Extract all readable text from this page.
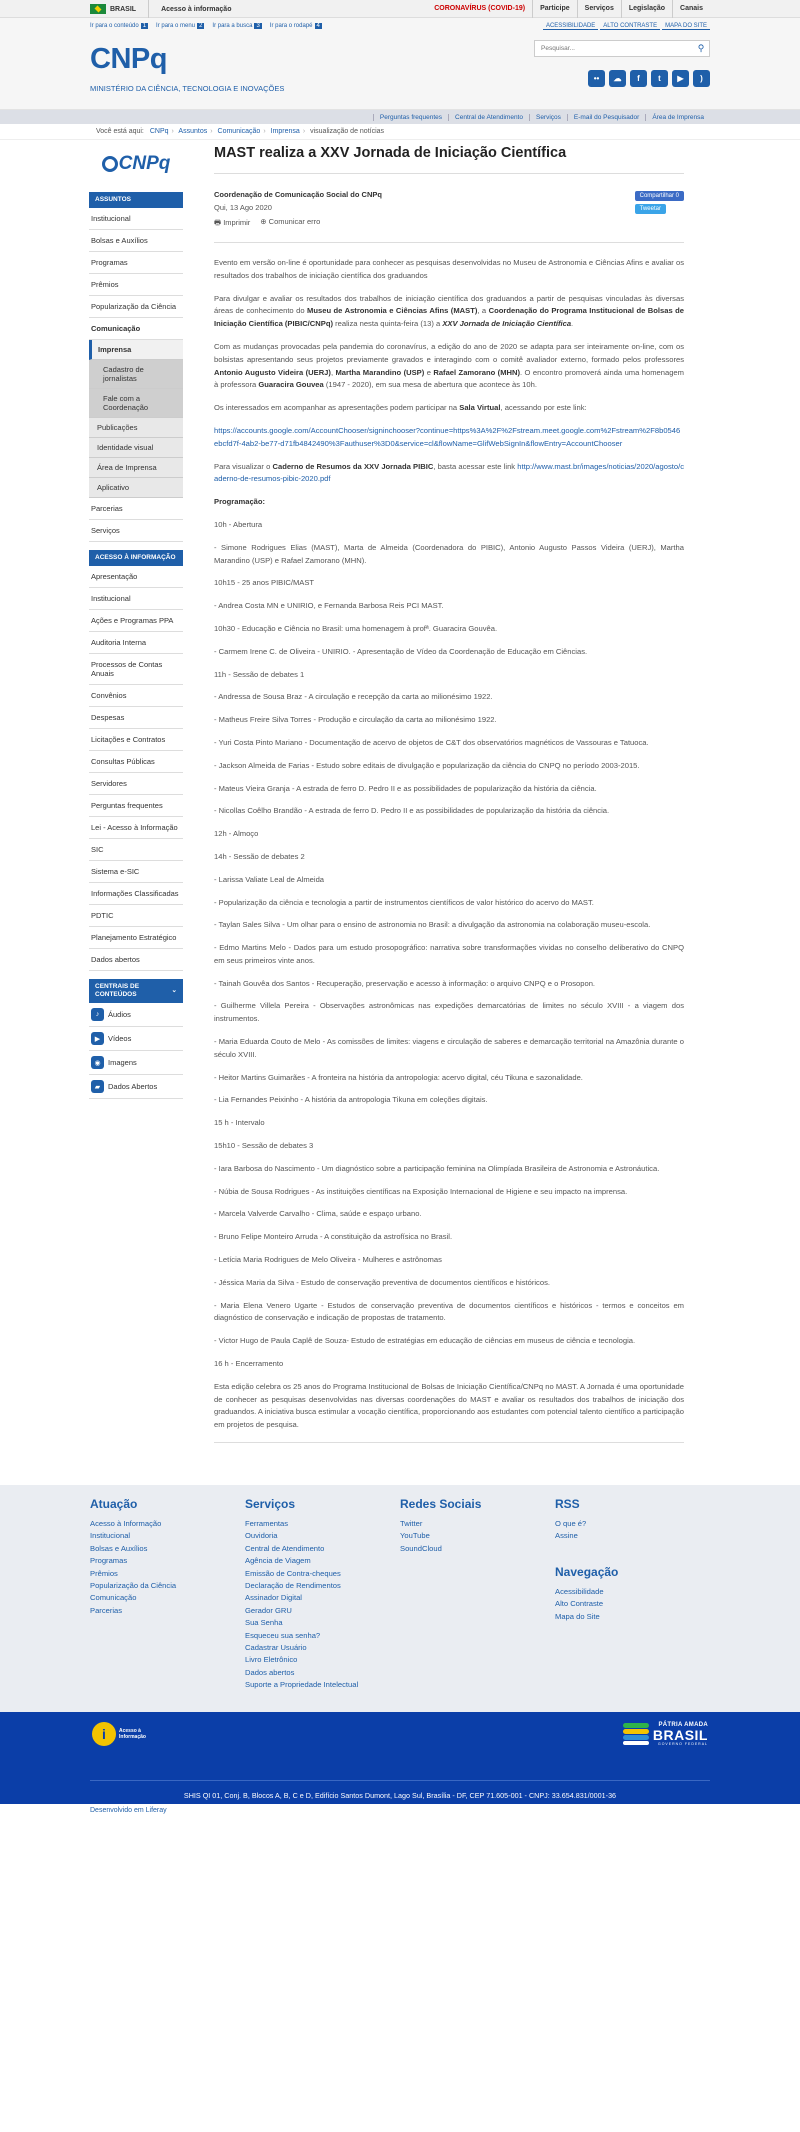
BRASIL	Acesso à informação	CORONAVÍRUS (COVID-19)	Participe	Serviços	Legislação	Canais
Ir para o conteúdo 1	Ir para o menu 2	Ir para a busca 3	Ir para o rodapé 4	ACESSIBILIDADE	ALTO CONTRASTE	MAPA DO SITE
CNPq
MINISTÉRIO DA CIÊNCIA, TECNOLOGIA E INOVAÇÕES
Pesquisar...
⚲
••	☁	f	t	▶	)
Perguntas frequentes	Central de Atendimento	Serviços	E-mail do Pesquisador	Área de Imprensa
Você está aqui: CNPq › Assuntos › Comunicação › Imprensa › visualização de notícias
CNPq
ASSUNTOS
Institucional
Bolsas e Auxílios
Programas
Prêmios
Popularização da Ciência
Comunicação
Imprensa
Cadastro de jornalistas
Fale com a Coordenação
Publicações
Identidade visual
Área de Imprensa
Aplicativo
Parcerias
Serviços
ACESSO À INFORMAÇÃO
Apresentação
Institucional
Ações e Programas PPA
Auditoria Interna
Processos de Contas Anuais
Convênios
Despesas
Licitações e Contratos
Consultas Públicas
Servidores
Perguntas frequentes
Lei - Acesso à Informação
SIC
Sistema e-SIC
Informações Classificadas
PDTIC
Planejamento Estratégico
Dados abertos
CENTRAIS DE CONTEÚDOS
⌄
♪	Áudios
▶	Vídeos
◉ Imagens
▰	Dados Abertos
MAST realiza a XXV Jornada de Iniciação Científica
Coordenação de Comunicação Social do CNPq
Qui, 13 Ago 2020
🖶 Imprimir ⊕ Comunicar erro
Compartilhar 0
Tweetar

Evento em versão on-line é oportunidade para conhecer as pesquisas desenvolvidas no Museu de Astronomia e Ciências Afins e avaliar os resultados dos trabalhos de iniciação científica dos graduandos

Para divulgar e avaliar os resultados dos trabalhos de iniciação científica dos graduandos a partir de pesquisas vinculadas às diversas áreas de conhecimento do Museu de Astronomia e Ciências Afins (MAST), a Coordenação do Programa Institucional de Bolsas de Iniciação Científica (PIBIC/CNPq) realiza nesta quinta-feira (13) a XXV Jornada de Iniciação Científica.

Com as mudanças provocadas pela pandemia do coronavírus, a edição do ano de 2020 se adapta para ser inteiramente on-line, com os bolsistas apresentando seus projetos previamente gravados e interagindo com o comitê avaliador externo, formado pelos professores Antonio Augusto Videira (UERJ), Martha Marandino (USP) e Rafael Zamorano (MHN). O encontro promoverá ainda uma homenagem à professora Guaracira Gouvea (1947 - 2020), em sua mesa de abertura que acontece às 10h.

Os interessados em acompanhar as apresentações podem participar na Sala Virtual, acessando por este link:

https://accounts.google.com/AccountChooser/signinchooser?continue=https%3A%2F%2Fstream.meet.google.com%2Fstream%2F8b0546ebcfd7f-4ab2-be77-d71fb4842490%3Fauthuser%3D0&service=cl&flowName=GlifWebSignIn&flowEntry=AccountChooser

Para visualizar o Caderno de Resumos da XXV Jornada PIBIC, basta acessar este link http://www.mast.br/images/noticias/2020/agosto/caderno-de-resumos-pibic-2020.pdf

Programação:

10h - Abertura

- Simone Rodrigues Elias (MAST), Marta de Almeida (Coordenadora do PIBIC), Antonio Augusto Passos Videira (UERJ), Martha Marandino (USP) e Rafael Zamorano (MHN).

10h15 - 25 anos PIBIC/MAST

- Andrea Costa MN e UNIRIO, e Fernanda Barbosa Reis PCI MAST.

10h30 - Educação e Ciência no Brasil: uma homenagem à profª. Guaracira Gouvêa.

- Carmem Irene C. de Oliveira - UNIRIO. - Apresentação de Vídeo da Coordenação de Educação em Ciências.

11h - Sessão de debates 1

- Andressa de Sousa Braz - A circulação e recepção da carta ao milionésimo 1922.

- Matheus Freire Silva Torres - Produção e circulação da carta ao milionésimo 1922.

- Yuri Costa Pinto Mariano - Documentação de acervo de objetos de C&T dos observatórios magnéticos de Vassouras e Tatuoca.

- Jackson Almeida de Farias - Estudo sobre editais de divulgação e popularização da ciência do CNPQ no período 2003-2015.

- Mateus Vieira Granja - A estrada de ferro D. Pedro II e as possibilidades de popularização da história da ciência.

- Nicollas Coêlho Brandão - A estrada de ferro D. Pedro II e as possibilidades de popularização da história da ciência.

12h - Almoço

14h - Sessão de debates 2

- Larissa Valiate Leal de Almeida

- Popularização da ciência e tecnologia a partir de instrumentos científicos de valor histórico do acervo do MAST.

- Taylan Sales Silva - Um olhar para o ensino de astronomia no Brasil: a divulgação da astronomia na colaboração museu-escola.

- Edmo Martins Melo - Dados para um estudo prosopográfico: narrativa sobre transformações vividas no conselho deliberativo do CNPQ em seus primeiros vinte anos.

- Tainah Gouvêa dos Santos - Recuperação, preservação e acesso à informação: o arquivo CNPQ e o Prosopon.

- Guilherme Villela Pereira - Observações astronômicas nas expedições demarcatórias de limites no século XVIII - a viagem dos instrumentos.

- Maria Eduarda Couto de Melo - As comissões de limites: viagens e circulação de saberes e demarcação territorial na Amazônia durante o século XVIII.

- Heitor Martins Guimarães - A fronteira na história da antropologia: acervo digital, céu Tikuna e sazonalidade.

- Lia Fernandes Peixinho - A história da antropologia Tikuna em coleções digitais.

15 h - Intervalo

15h10 - Sessão de debates 3

- Iara Barbosa do Nascimento - Um diagnóstico sobre a participação feminina na Olimpíada Brasileira de Astronomia e Astronáutica.

- Núbia de Sousa Rodrigues - As instituições científicas na Exposição Internacional de Higiene e seu impacto na imprensa.

- Marcela Valverde Carvalho - Clima, saúde e espaço urbano.

- Bruno Felipe Monteiro Arruda - A constituição da astrofísica no Brasil.

- Letícia Maria Rodrigues de Melo Oliveira - Mulheres e astrônomas

- Jéssica Maria da Silva - Estudo de conservação preventiva de documentos científicos e históricos.

- Maria Elena Venero Ugarte - Estudos de conservação preventiva de documentos científicos e históricos - termos e conceitos em diagnóstico de conservação e indicação de propostas de tratamento.

- Victor Hugo de Paula Caplê de Souza- Estudo de estratégias em educação de ciências em museus de ciência e tecnologia.

16 h - Encerramento

Esta edição celebra os 25 anos do Programa Institucional de Bolsas de Iniciação Científica/CNPq no MAST. A Jornada é uma oportunidade de conhecer as pesquisas desenvolvidas nas diversas coordenações do MAST e avaliar os resultados dos trabalhos de iniciação dos graduandos. A iniciativa busca estimular a vocação científica, proporcionando aos estudantes com potencial talento científico a participação em projetos de pesquisa.

Atuação
Acesso à Informação
Institucional
Bolsas e Auxílios
Programas
Prêmios
Popularização da Ciência
Comunicação
Parcerias
Serviços
Ferramentas
Ouvidoria
Central de Atendimento
Agência de Viagem
Emissão de Contra-cheques
Declaração de Rendimentos
Assinador Digital
Gerador GRU
Sua Senha
Esqueceu sua senha?
Cadastrar Usuário
Livro Eletrônico
Dados abertos
Suporte a Propriedade Intelectual
Redes Sociais
Twitter
YouTube
SoundCloud
RSS
O que é?
Assine
Navegação
Acessibilidade
Alto Contraste
Mapa do Site
i	Acesso à
Informação
PÁTRIA AMADA
BRASIL
GOVERNO FEDERAL
SHIS QI 01, Conj. B, Blocos A, B, C e D, Edifício Santos Dumont, Lago Sul, Brasília - DF, CEP 71.605-001 - CNPJ: 33.654.831/0001-36
Desenvolvido em Liferay
